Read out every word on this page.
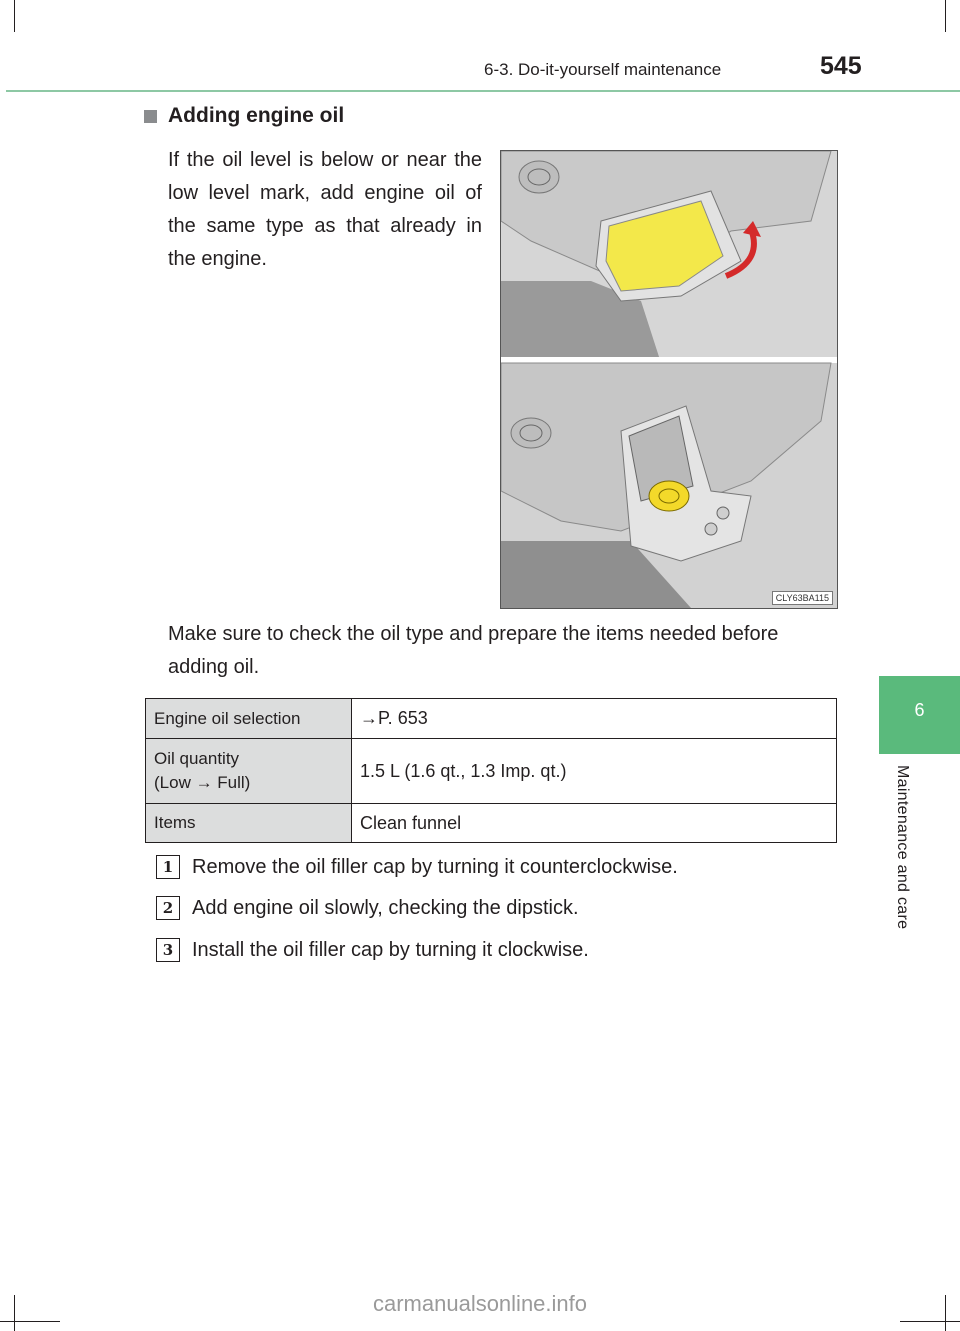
6-3. Do-it-yourself maintenance	545
6
Maintenance and care
Adding engine oil

If the oil level is below or near the low level mark, add engine oil of the same type as that already in the engine.

CLY63BA115

Make sure to check the oil type and prepare the items needed before adding oil.

Engine oil selection	→P. 653
Oil quantity
(Low → Full)	1.5 L (1.6 qt., 1.3 Imp. qt.)
Items	Clean funnel
1 Remove the oil filler cap by turning it counterclockwise.
2 Add engine oil slowly, checking the dipstick.
3 Install the oil filler cap by turning it clockwise.
carmanualsonline.info
